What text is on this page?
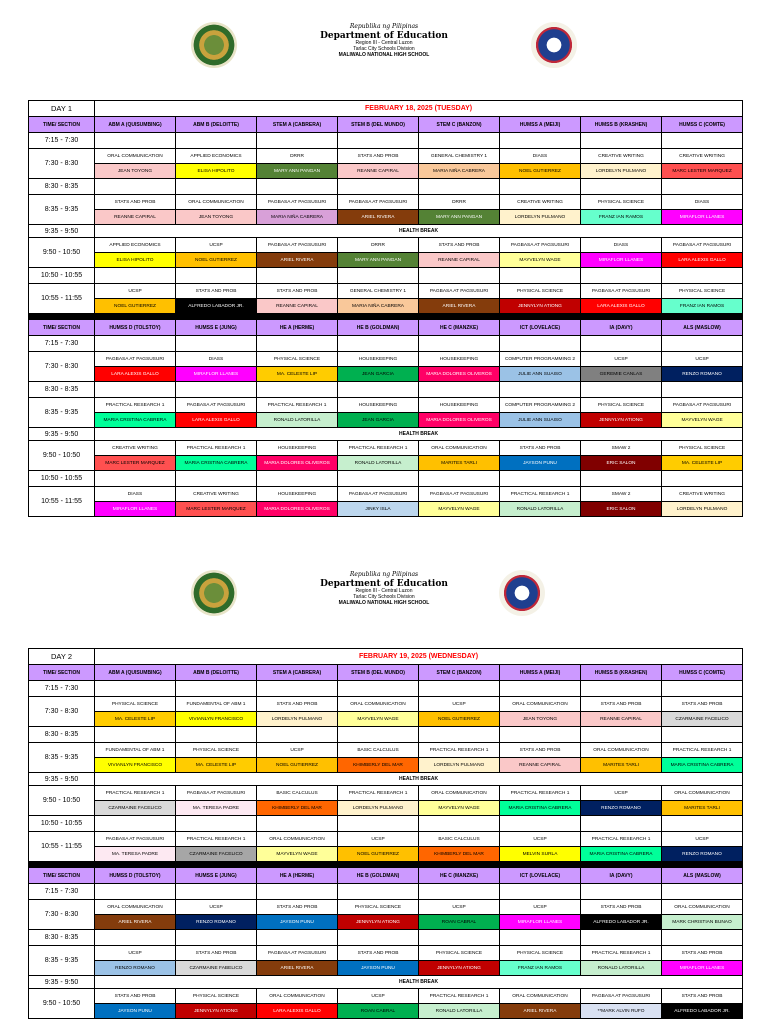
Republika ng Pilipinas
Department of Education
Region III - Central Luzon
Tarlac City Schools Division
MALIWALO NATIONAL HIGH SCHOOL
DAY 1	FEBRUARY 18, 2025 (TUESDAY)							
TIME/ SECTION	ABM A (QUISUMBING)	ABM B (DELOITTE)	STEM A (CABRERA)	STEM B (DEL MUNDO)	STEM C (BANZON)	HUMSS A (MEIJI)	HUMSS B (KRASHEN)	HUMSS C (COMTE)
7:15 - 7:30								
7:30 - 8:30	ORAL COMMUNICATION	APPLIED ECONOMICS	DRRR	STATS AND PROB	GENERAL CHEMISTRY 1	DIASS	CREATIVE WRITING	CREATIVE WRITING
	JEAN TOYONG	ELISA HIPOLITO	MARY ANN PANGAN	REANNE CAPIRAL	MARIA NIÑA CABRERA	NOEL GUTIERREZ	LORDELYN PULMANO	MARC LESTER MARQUEZ
8:30 - 8:35								
8:35 - 9:35	STATS AND PROB	ORAL COMMUNICATION	PAGBASA AT PAGSUSURI	PAGBASA AT PAGSUSURI	DRRR	CREATIVE WRITING	PHYSICAL SCIENCE	DIASS
	REANNE CAPIRAL	JEAN TOYONG	MARIA NIÑA CABRERA	ARIEL RIVERA	MARY ANN PANGAN	LORDELYN PULMANO	FRANZ IAN RAMOS	MIRAFLOR LLANES
9:35 - 9:50	HEALTH BREAK							
9:50 - 10:50	APPLIED ECONOMICS	UCSP	PAGBASA AT PAGSUSURI	DRRR	STATS AND PROB	PAGBASA AT PAGSUSURI	DIASS	PAGBASA AT PAGSUSURI
	ELISA HIPOLITO	NOEL GUTIERREZ	ARIEL RIVERA	MARY ANN PANGAN	REANNE CAPIRAL	MAYVELYN WAGE	MIRAFLOR LLANES	LARA ALEXIS GALLO
10:50 - 10:55								
10:55 - 11:55	UCSP	STATS AND PROB	STATS AND PROB	GENERAL CHEMISTRY 1	PAGBASA AT PAGSUSURI	PHYSICAL SCIENCE	PAGBASA AT PAGSUSURI	PHYSICAL SCIENCE
	NOEL GUTIERREZ	ALFREDO LABADOR JR.	REANNE CAPIRAL	MARIA NIÑA CABRERA	ARIEL RIVERA	JENNYLYN ATIONG	LARA ALEXIS GALLO	FRANZ IAN RAMOS

TIME/ SECTION	HUMSS D (TOLSTOY)	HUMSS E (JUNG)	HE A (HERME)	HE B (GOLDMAN)	HE C (MANZKE)	ICT (LOVELACE)	IA (DAVY)	ALS (MASLOW)
7:15 - 7:30								
7:30 - 8:30	PAGBASA AT PAGSUSURI	DIASS	PHYSICAL SCIENCE	HOUSEKEEPING	HOUSEKEEPING	COMPUTER PROGRAMMING 2	UCSP	UCSP
	LARA ALEXIS GALLO	MIRAFLOR LLANES	MA. CELESTE LIP	JEAN GARCIA	MARIA DOLORES OLIVEROS	JULIE ANN SUAISO	GEREMIE CANLAS	RENZO ROMANO
8:30 - 8:35								
8:35 - 9:35	PRACTICAL RESEARCH 1	PAGBASA AT PAGSUSURI	PRACTICAL RESEARCH 1	HOUSEKEEPING	HOUSEKEEPING	COMPUTER PROGRAMMING 2	PHYSICAL SCIENCE	PAGBASA AT PAGSUSURI
	MARIA CRISTINA CABRERA	LARA ALEXIS GALLO	RONALD LATORILLA	JEAN GARCIA	MARIA DOLORES OLIVEROS	JULIE ANN SUAISO	JENNYLYN ATIONG	MAYVELYN WAGE
9:35 - 9:50	HEALTH BREAK							
9:50 - 10:50	CREATIVE WRITING	PRACTICAL RESEARCH 1	HOUSEKEEPING	PRACTICAL RESEARCH 1	ORAL COMMUNICATION	STATS AND PROB	SMAW 2	PHYSICAL SCIENCE
	MARC LESTER MARQUEZ	MARIA CRISTINA CABRERA	MARIA DOLORES OLIVEROS	RONALD LATORILLA	MARITES TARLI	JAYSON PUNU	ERIC SALON	MA. CELESTE LIP
10:50 - 10:55								
10:55 - 11:55	DIASS	CREATIVE WRITING	HOUSEKEEPING	PAGBASA AT PAGSUSURI	PAGBASA AT PAGSUSURI	PRACTICAL RESEARCH 1	SMAW 2	CREATIVE WRITING
	MIRAFLOR LLANES	MARC LESTER MARQUEZ	MARIA DOLORES OLIVEROS	JINKY ISLA	MAYVELYN WAGE	RONALD LATORILLA	ERIC SALON	LORDELYN PULMANO
Republika ng Pilipinas
Department of Education
Region III - Central Luzon
Tarlac City Schools Division
MALIWALO NATIONAL HIGH SCHOOL
DAY 2	FEBRUARY 19, 2025 (WEDNESDAY)							
TIME/ SECTION	ABM A (QUISUMBING)	ABM B (DELOITTE)	STEM A (CABRERA)	STEM B (DEL MUNDO)	STEM C (BANZON)	HUMSS A (MEIJI)	HUMSS B (KRASHEN)	HUMSS C (COMTE)
7:15 - 7:30								
7:30 - 8:30	PHYSICAL SCIENCE	FUNDAMENTAL OF ABM 1	STATS AND PROB	ORAL COMMUNICATION	UCSP	ORAL COMMUNICATION	STATS AND PROB	STATS AND PROB
	MA. CELESTE LIP	VIVIANLYN FRANCISCO	LORDELYN PULMANO	MAYVELYN WAGE	NOEL GUTIERREZ	JEAN TOYONG	REANNE CAPIRAL	CZARMAINE FACELICO
8:30 - 8:35								
8:35 - 9:35	FUNDAMENTAL OF ABM 1	PHYSICAL SCIENCE	UCSP	BASIC CALCULUS	PRACTICAL RESEARCH 1	STATS AND PROB	ORAL COMMUNICATION	PRACTICAL RESEARCH 1
	VIVIANLYN FRANCISCO	MA. CELESTE LIP	NOEL GUTIERREZ	KHIMBERLY DEL MAR	LORDELYN PULMANO	REANNE CAPIRAL	MARITES TARLI	MARIA CRISTINA CABRERA
9:35 - 9:50	HEALTH BREAK							
9:50 - 10:50	PRACTICAL RESEARCH 1	PAGBASA AT PAGSUSURI	BASIC CALCULUS	PRACTICAL RESEARCH 1	ORAL COMMUNICATION	PRACTICAL RESEARCH 1	UCSP	ORAL COMMUNICATION
	CZARMAINE FACELICO	MA. TERESA PADRE	KHIMBERLY DEL MAR	LORDELYN PULMANO	MAYVELYN WAGE	MARIA CRISTINA CABRERA	RENZO ROMANO	MARITES TARLI
10:50 - 10:55								
10:55 - 11:55	PAGBASA AT PAGSUSURI	PRACTICAL RESEARCH 1	ORAL COMMUNICATION	UCSP	BASIC CALCULUS	UCSP	PRACTICAL RESEARCH 1	UCSP
	MA. TERESA PADRE	CZARMAINE FACELICO	MAYVELYN WAGE	NOEL GUTIERREZ	KHIMBERLY DEL MAR	MELVIN SURLA	MARIA CRISTINA CABRERA	RENZO ROMANO

TIME/ SECTION	HUMSS D (TOLSTOY)	HUMSS E (JUNG)	HE A (HERME)	HE B (GOLDMAN)	HE C (MANZKE)	ICT (LOVELACE)	IA (DAVY)	ALS (MASLOW)
7:15 - 7:30								
7:30 - 8:30	ORAL COMMUNICATION	UCSP	STATS AND PROB	PHYSICAL SCIENCE	UCSP	UCSP	STATS AND PROB	ORAL COMMUNICATION
	ARIEL RIVERA	RENZO ROMANO	JAYSON PUNU	JENNYLYN ATIONG	ROAN CABRAL	MIRAFLOR LLANES	ALFREDO LABADOR JR.	MARK CHRISTIAN BUNAO
8:30 - 8:35								
8:35 - 9:35	UCSP	STATS AND PROB	PAGBASA AT PAGSUSURI	STATS AND PROB	PHYSICAL SCIENCE	PHYSICAL SCIENCE	PRACTICAL RESEARCH 1	STATS AND PROB
	RENZO ROMANO	CZARMAINE FABELICO	ARIEL RIVERA	JAYSON PUNU	JENNYLYN ATIONG	FRANZ IAN RAMOS	RONALD LATORILLA	MIRAFLOR LLANES
9:35 - 9:50	HEALTH BREAK							
9:50 - 10:50	STATS AND PROB	PHYSICAL SCIENCE	ORAL COMMUNICATION	UCSP	PRACTICAL RESEARCH 1	ORAL COMMUNICATION	PAGBASA AT PAGSUSURI	STATS AND PROB
	JAYSON PUNU	JENNYLYN ATIONG	LARA ALEXIS GALLO	ROAN CABRAL	RONALD LATORILLA	ARIEL RIVERA	**MARK ALVIN RUFO	ALFREDO LABADOR JR.
